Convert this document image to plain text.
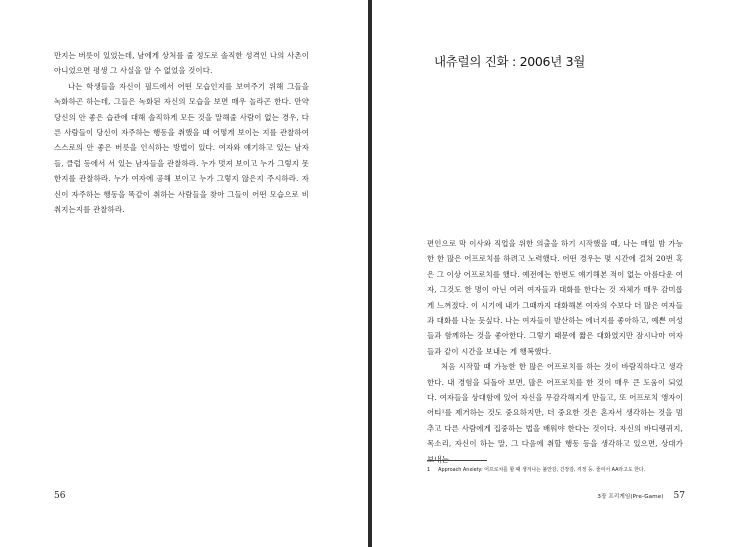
만지는 버릇이 있었는데, 남에게 상처를 줄 정도로 솔직한 성격인 나의 사촌이 아니었으면 평생 그 사실을 알 수 없었을 것이다.

나는 학생들을 자신이 필드에서 어떤 모습인지를 보여주기 위해 그들을 녹화하곤 하는데, 그들은 녹화된 자신의 모습을 보면 매우 놀라곤 한다. 만약 당신의 안 좋은 습관에 대해 솔직하게 모든 것을 말해줄 사람이 없는 경우, 다른 사람들이 당신이 자주하는 행동을 취했을 때 어떻게 보이는 지를 관찰하여 스스로의 안 좋은 버릇을 인식하는 방법이 있다. 여자와 얘기하고 있는 남자들, 클럽 등에서 서 있는 남자들을 관찰하라. 누가 멋져 보이고 누가 그렇지 못한지를 관찰하라. 누가 여자에 공해 보이고 누가 그렇지 않은지 주시하라. 자신이 자주하는 행동을 똑같이 취하는 사람들을 찾아 그들이 어떤 모습으로 비춰지는지를 관찰하라.

56
내츄럴의 진화 : 2006년 3월

편인으로 막 이사와 직업을 위한 의출을 하기 시작했을 때, 나는 매일 밤 가능한 한 많은 어프로치를 하려고 노력했다. 어떤 경우는 몇 시간에 걸쳐 20번 혹은 그 이상 어프로치를 했다. 예전에는 한번도 얘기해본 적이 없는 아름다운 여자, 그것도 한 명이 아닌 여러 여자들과 대화를 한다는 것 자체가 매우 감미롭게 느껴졌다. 이 시기에 내가 그때까지 대화해본 여자의 수보다 더 많은 여자들과 대화를 나눈 듯싶다. 나는 여자들이 발산하는 에너지를 좋아하고, 예쁜 여성들과 함께하는 것을 좋아한다. 그렇기 때문에 짧은 대화였지만 잠시나마 여자들과 같이 시간을 보내는 게 행복했다.

처음 시작할 때 가능한 한 많은 어프로치를 하는 것이 바람직하다고 생각한다. 내 경험을 되돌아 보면, 많은 어프로치를 한 것이 매우 큰 도움이 되었다. 여자들을 상대함에 있어 자신을 무감각해지게 만들고, 또 어프로치 앵자이어티¹를 제거하는 것도 중요하지만, 더 중요한 것은 혼자서 생각하는 것을 멈추고 다른 사람에게 집중하는 법을 배워야 한다는 것이다. 자신의 바디랭귀지, 목소리, 자신이 하는 말, 그 다음에 취할 행동 등을 생각하고 있으면, 상대가 보내는

1 Approach Anxiety: 어프로치를 할 때 생겨나는 불안감, 긴장감, 걱정 등. 줄여서 AA라고도 한다.
3장 프리게임(Pre-Game) 57
